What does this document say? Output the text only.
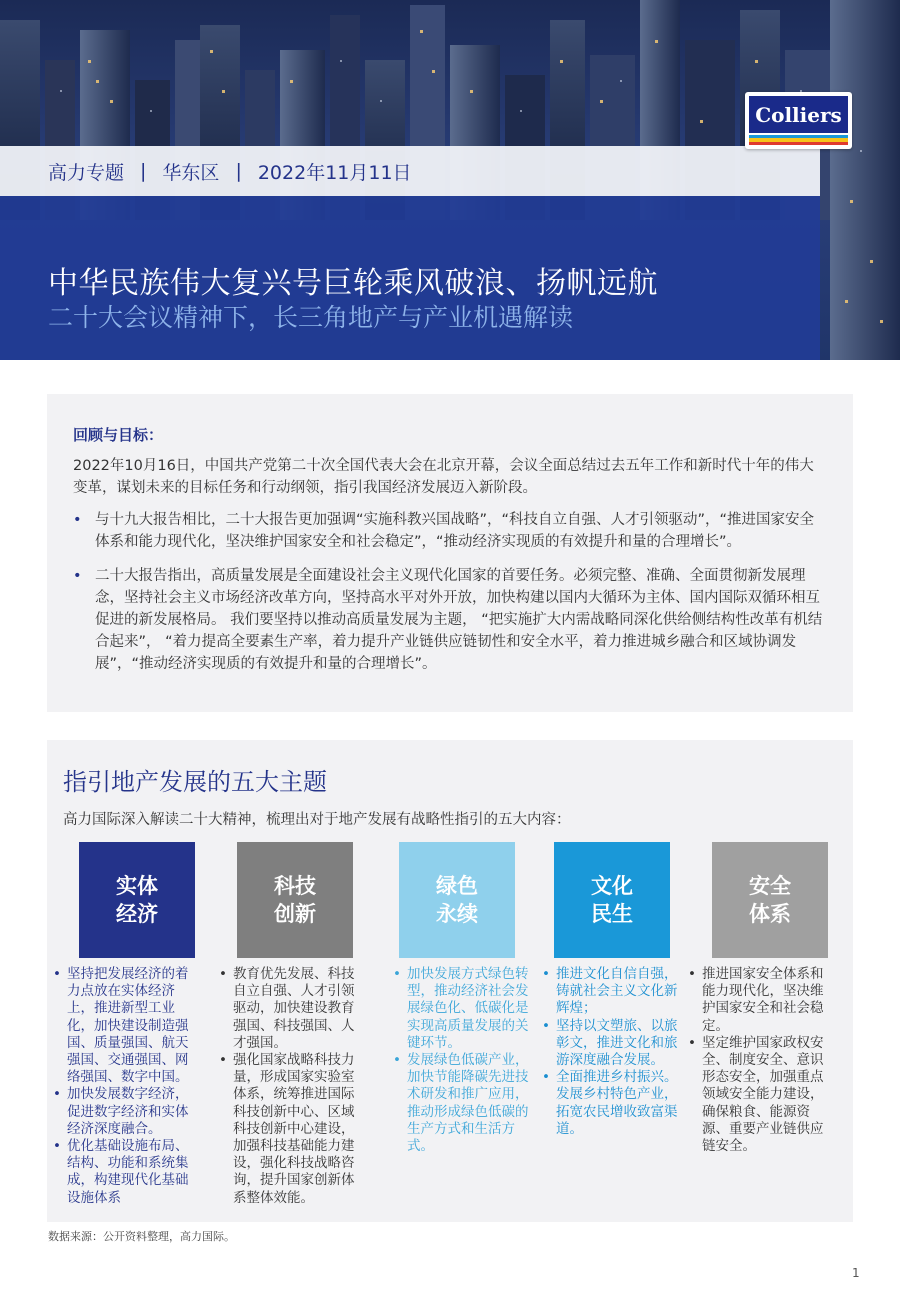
高力专题 | 华东区 | 2022年11月11日
Colliers
中华民族伟大复兴号巨轮乘风破浪、扬帆远航
二十大会议精神下，长三角地产与产业机遇解读
回顾与目标：

2022年10月16日，中国共产党第二十次全国代表大会在北京开幕，会议全面总结过去五年工作和新时代十年的伟大变革，谋划未来的目标任务和行动纲领，指引我国经济发展迈入新阶段。

• 与十九大报告相比，二十大报告更加强调“实施科教兴国战略”，“科技自立自强、人才引领驱动”，“推进国家安全体系和能力现代化，坚决维护国家安全和社会稳定”，“推动经济实现质的有效提升和量的合理增长”。
• 二十大报告指出，高质量发展是全面建设社会主义现代化国家的首要任务。必须完整、准确、全面贯彻新发展理念，坚持社会主义市场经济改革方向，坚持高水平对外开放，加快构建以国内大循环为主体、国内国际双循环相互促进的新发展格局。 我们要坚持以推动高质量发展为主题， “把实施扩大内需战略同深化供给侧结构性改革有机结合起来”， “着力提高全要素生产率，着力提升产业链供应链韧性和安全水平，着力推进城乡融合和区域协调发展”，“推动经济实现质的有效提升和量的合理增长”。
指引地产发展的五大主题
高力国际深入解读二十大精神，梳理出对于地产发展有战略性指引的五大内容：
实体
经济
科技
创新
绿色
永续
文化
民生
安全
体系
• 坚持把发展经济的着力点放在实体经济上，推进新型工业化，加快建设制造强国、质量强国、航天强国、交通强国、网络强国、数字中国。
• 加快发展数字经济，促进数字经济和实体经济深度融合。
• 优化基础设施布局、结构、功能和系统集成，构建现代化基础设施体系
• 教育优先发展、科技自立自强、人才引领驱动，加快建设教育强国、科技强国、人才强国。
• 强化国家战略科技力量，形成国家实验室体系，统筹推进国际科技创新中心、区域科技创新中心建设，加强科技基础能力建设，强化科技战略咨询，提升国家创新体系整体效能。
• 加快发展方式绿色转型，推动经济社会发展绿色化、低碳化是实现高质量发展的关键环节。
• 发展绿色低碳产业，加快节能降碳先进技术研发和推广应用，推动形成绿色低碳的生产方式和生活方式。
• 推进文化自信自强，铸就社会主义文化新辉煌；
• 坚持以文塑旅、以旅彰文，推进文化和旅游深度融合发展。
• 全面推进乡村振兴。发展乡村特色产业，拓宽农民增收致富渠道。
• 推进国家安全体系和能力现代化，坚决维护国家安全和社会稳定。
• 坚定维护国家政权安全、制度安全、意识形态安全，加强重点领域安全能力建设，确保粮食、能源资源、重要产业链供应链安全。
数据来源：公开资料整理，高力国际。
1
